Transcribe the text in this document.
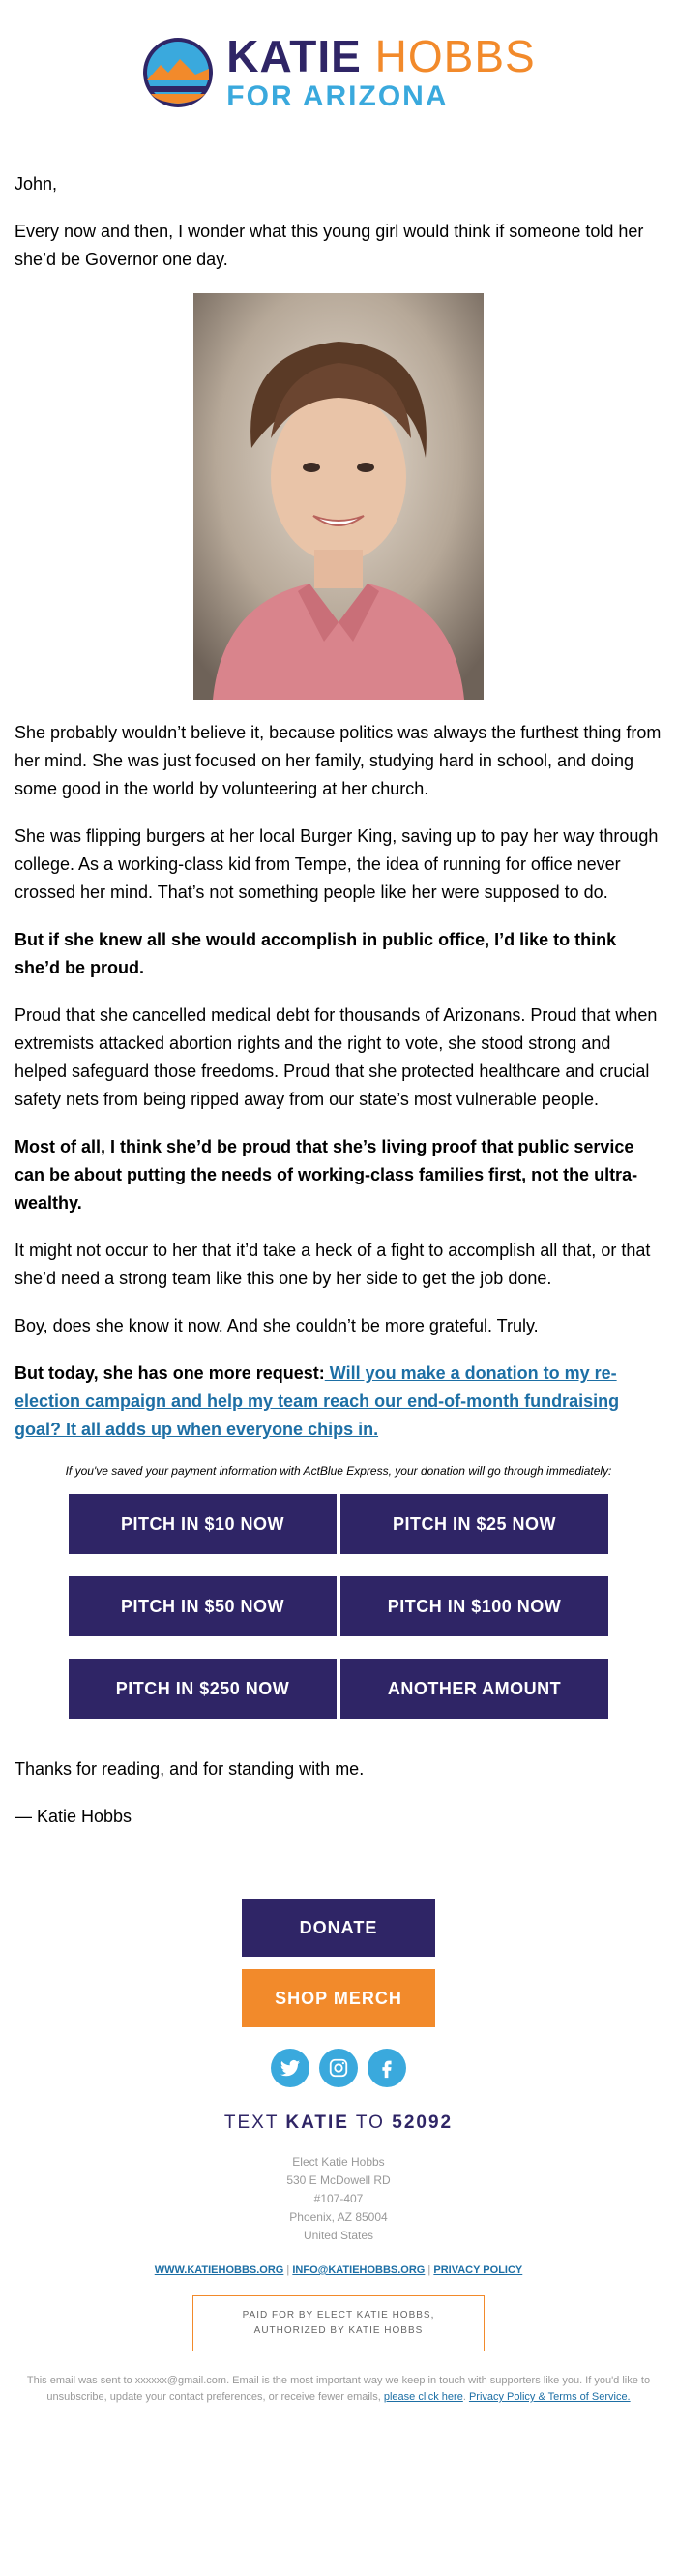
KATIE HOBBS
FOR ARIZONA

John,

Every now and then, I wonder what this young girl would think if someone told her she’d be Governor one day.

She probably wouldn’t believe it, because politics was always the furthest thing from her mind. She was just focused on her family, studying hard in school, and doing some good in the world by volunteering at her church.

She was flipping burgers at her local Burger King, saving up to pay her way through college. As a working-class kid from Tempe, the idea of running for office never crossed her mind. That’s not something people like her were supposed to do.

But if she knew all she would accomplish in public office, I’d like to think she’d be proud.

Proud that she cancelled medical debt for thousands of Arizonans. Proud that when extremists attacked abortion rights and the right to vote, she stood strong and helped safeguard those freedoms. Proud that she protected healthcare and crucial safety nets from being ripped away from our state’s most vulnerable people.

Most of all, I think she’d be proud that she’s living proof that public service can be about putting the needs of working-class families first, not the ultra-wealthy.

It might not occur to her that it’d take a heck of a fight to accomplish all that, or that she’d need a strong team like this one by her side to get the job done.

Boy, does she know it now. And she couldn’t be more grateful. Truly.

But today, she has one more request: Will you make a donation to my re-election campaign and help my team reach our end-of-month fundraising goal? It all adds up when everyone chips in.

If you've saved your payment information with ActBlue Express, your donation will go through immediately:

PITCH IN $10 NOW	PITCH IN $25 NOW
PITCH IN $50 NOW	PITCH IN $100 NOW
PITCH IN $250 NOW	ANOTHER AMOUNT

Thanks for reading, and for standing with me.

— Katie Hobbs

DONATE
SHOP MERCH
TEXT KATIE TO 52092
Elect Katie Hobbs
530 E McDowell RD
#107-407
Phoenix, AZ 85004
United States
WWW.KATIEHOBBS.ORG | INFO@KATIEHOBBS.ORG | PRIVACY POLICY
PAID FOR BY ELECT KATIE HOBBS,
AUTHORIZED BY KATIE HOBBS
This email was sent to xxxxxx@gmail.com. Email is the most important way we keep in touch with supporters like you. If you'd like to unsubscribe, update your contact preferences, or receive fewer emails, please click here. Privacy Policy & Terms of Service.
